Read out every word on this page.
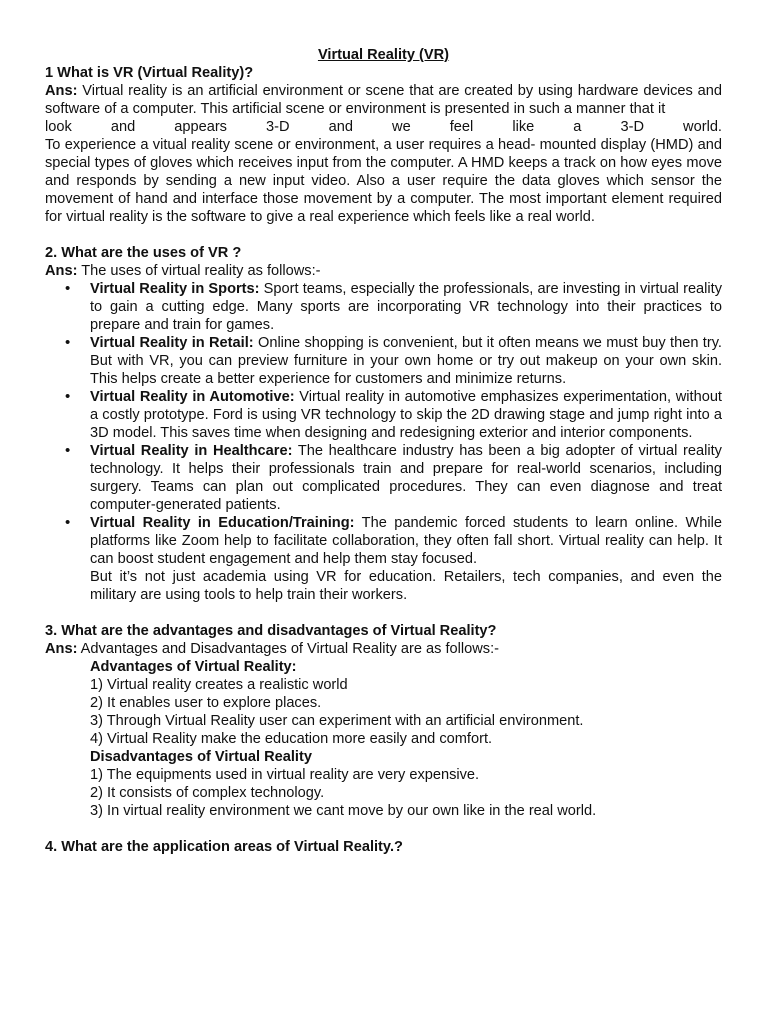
Virtual Reality (VR)
1 What is VR (Virtual Reality)?
Ans: Virtual reality is an artificial environment or scene that are created by using hardware devices and software of a computer. This artificial scene or environment is presented in such a manner that it
look and appears 3-D and we feel like a 3-D world.
To experience a vitual reality scene or environment, a user requires a head- mounted display (HMD) and special types of gloves which receives input from the computer. A HMD keeps a track on how eyes move and responds by sending a new input video. Also a user require the data gloves which sensor the movement of hand and interface those movement by a computer. The most important element required for virtual reality is the software to give a real experience which feels like a real world.
2. What are the uses of VR ?
Ans: The uses of virtual reality as follows:-
• Virtual Reality in Sports: Sport teams, especially the professionals, are investing in virtual reality to gain a cutting edge. Many sports are incorporating VR technology into their practices to prepare and train for games.
• Virtual Reality in Retail: Online shopping is convenient, but it often means we must buy then try. But with VR, you can preview furniture in your own home or try out makeup on your own skin. This helps create a better experience for customers and minimize returns.
• Virtual Reality in Automotive: Virtual reality in automotive emphasizes experimentation, without a costly prototype. Ford is using VR technology to skip the 2D drawing stage and jump right into a 3D model. This saves time when designing and redesigning exterior and interior components.
• Virtual Reality in Healthcare: The healthcare industry has been a big adopter of virtual reality technology. It helps their professionals train and prepare for real-world scenarios, including surgery. Teams can plan out complicated procedures. They can even diagnose and treat computer-generated patients.
• Virtual Reality in Education/Training: The pandemic forced students to learn online. While platforms like Zoom help to facilitate collaboration, they often fall short. Virtual reality can help. It can boost student engagement and help them stay focused.
But it’s not just academia using VR for education. Retailers, tech companies, and even the military are using tools to help train their workers.
3. What are the advantages and disadvantages of Virtual Reality?
Ans: Advantages and Disadvantages of Virtual Reality are as follows:-
Advantages of Virtual Reality:
1) Virtual reality creates a realistic world
2) It enables user to explore places.
3) Through Virtual Reality user can experiment with an artificial environment.
4) Virtual Reality make the education more easily and comfort.
Disadvantages of Virtual Reality
1) The equipments used in virtual reality are very expensive.
2) It consists of complex technology.
3) In virtual reality environment we cant move by our own like in the real world.
4. What are the application areas of Virtual Reality.?
